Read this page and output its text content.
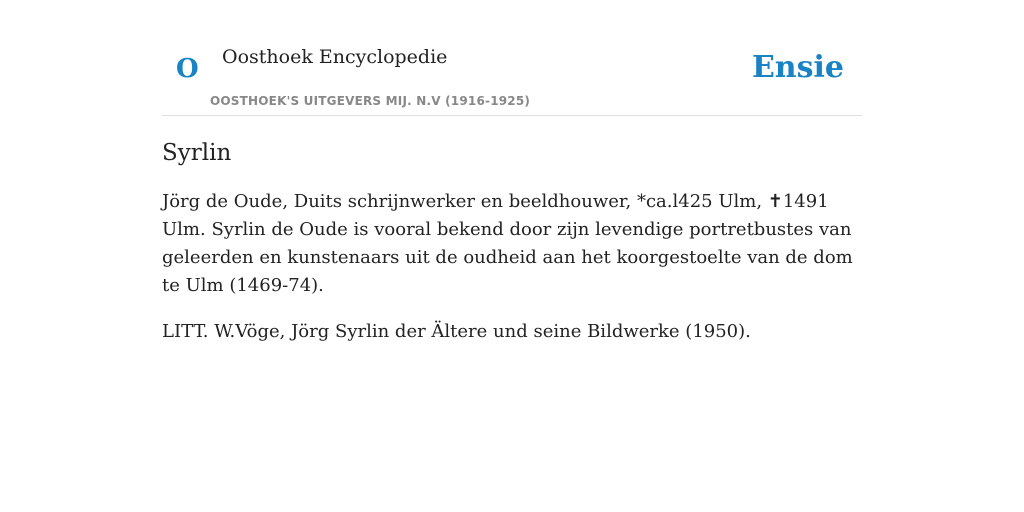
O Oosthoek Encyclopedie
OOSTHOEK'S UITGEVERS MIJ. N.V (1916-1925)
Ensie
Syrlin

Jörg de Oude, Duits schrijnwerker en beeldhouwer, *ca.l425 Ulm, ✝1491 Ulm. Syrlin de Oude is vooral bekend door zijn levendige portretbustes van geleerden en kunstenaars uit de oudheid aan het koorgestoelte van de dom te Ulm (1469-74).

LITT. W.Vöge, Jörg Syrlin der Ältere und seine Bildwerke (1950).
